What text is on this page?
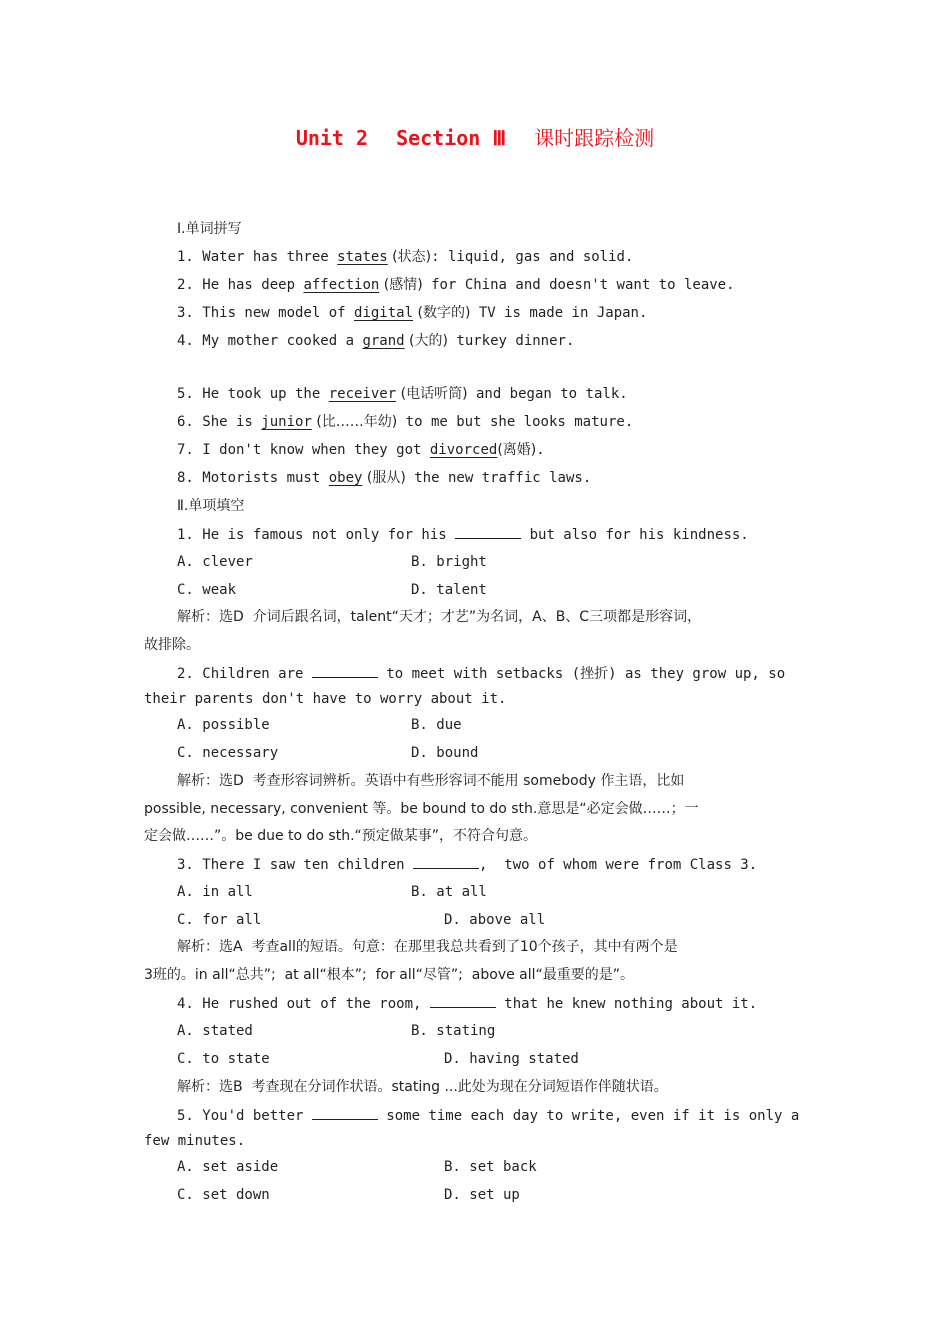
Unit 2 Section Ⅲ 课时跟踪检测
Ⅰ.单词拼写
1. Water has three states (状态): liquid, gas and solid.
2. He has deep affection (感情) for China and doesn't want to leave.
3. This new model of digital (数字的) TV is made in Japan.
4. My mother cooked a grand (大的) turkey dinner.
5. He took up the receiver (电话听筒) and began to talk.
6. She is junior (比……年幼) to me but she looks mature.
7. I don't know when they got divorced(离婚).
8. Motorists must obey (服从) the new traffic laws.
Ⅱ.单项填空
1. He is famous not only for his	but also for his kindness.
A. clever	B. bright
C. weak	D. talent
解析：选D  介词后跟名词，talent“天才；才艺”为名词，A、B、C三项都是形容词，
故排除。
2. Children are	to meet with setbacks (挫折) as they grow up, so
their parents don't have to worry about it.
A. possible	B. due
C. necessary	D. bound
解析：选D  考查形容词辨析。英语中有些形容词不能用 somebody 作主语，比如
possible, necessary, convenient 等。be bound to do sth.意思是“必定会做……；一
定会做……”。be due to do sth.“预定做某事”，不符合句意。
3. There I saw ten children	,  two of whom were from Class 3.
A. in all	B. at all
C. for all	D. above all
解析：选A  考查all的短语。句意：在那里我总共看到了10个孩子，其中有两个是
3班的。in all“总共”;  at all“根本”;  for all“尽管”;  above all“最重要的是”。
4. He rushed out of the room,	that he knew nothing about it.
A. stated	B. stating
C. to state	D. having stated
解析：选B  考查现在分词作状语。stating ...此处为现在分词短语作伴随状语。
5. You'd better	some time each day to write, even if it is only a
few minutes.
A. set aside	B. set back
C. set down	D. set up
